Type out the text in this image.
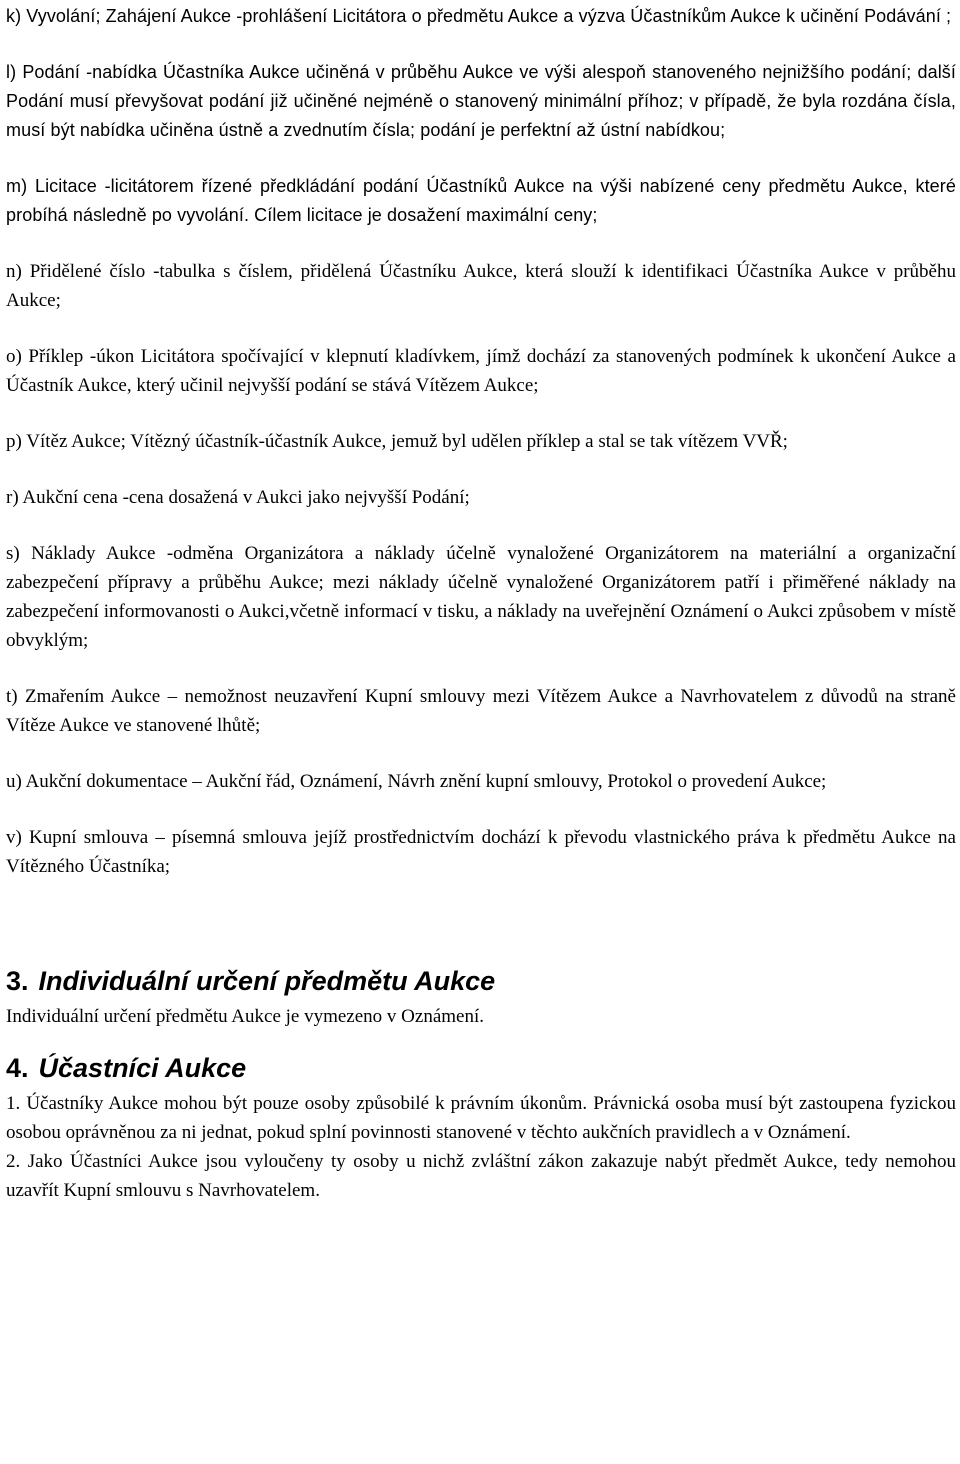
k) Vyvolání; Zahájení Aukce -prohlášení Licitátora o předmětu Aukce a výzva Účastníkům Aukce k učinění Podávání ;

l) Podání -nabídka Účastníka Aukce učiněná v průběhu Aukce ve výši alespoň stanoveného nejnižšího podání; další Podání musí převyšovat podání již učiněné nejméně o stanovený minimální příhoz; v případě, že byla rozdána čísla, musí být nabídka učiněna ústně a zvednutím čísla; podání je perfektní až ústní nabídkou;

m) Licitace -licitátorem řízené předkládání podání Účastníků Aukce na výši nabízené ceny předmětu Aukce, které probíhá následně po vyvolání. Cílem licitace je dosažení maximální ceny;

n) Přidělené číslo -tabulka s číslem, přidělená Účastníku Aukce, která slouží k identifikaci Účastníka Aukce v průběhu Aukce;

o) Příklep -úkon Licitátora spočívající v klepnutí kladívkem, jímž dochází za stanovených podmínek k ukončení Aukce a Účastník Aukce, který učinil nejvyšší podání se stává Vítězem Aukce;

p) Vítěz Aukce; Vítězný účastník-účastník Aukce, jemuž byl udělen příklep a stal se tak vítězem VVŘ;

r) Aukční cena -cena dosažená v Aukci jako nejvyšší Podání;

s) Náklady Aukce -odměna Organizátora a náklady účelně vynaložené Organizátorem na materiální a organizační zabezpečení přípravy a průběhu Aukce; mezi náklady účelně vynaložené Organizátorem patří i přiměřené náklady na zabezpečení informovanosti o Aukci,včetně informací v tisku, a náklady na uveřejnění Oznámení o Aukci způsobem v místě obvyklým;

t) Zmařením Aukce – nemožnost neuzavření Kupní smlouvy mezi Vítězem Aukce a Navrhovatelem z důvodů na straně Vítěze Aukce ve stanovené lhůtě;

u) Aukční dokumentace – Aukční řád, Oznámení, Návrh znění kupní smlouvy, Protokol o provedení Aukce;

v) Kupní smlouva – písemná smlouva jejíž prostřednictvím dochází k převodu vlastnického práva k předmětu Aukce na Vítězného Účastníka;

3. Individuální určení předmětu Aukce

Individuální určení předmětu Aukce je vymezeno v Oznámení.

4. Účastníci Aukce

1. Účastníky Aukce mohou být pouze osoby způsobilé k právním úkonům. Právnická osoba musí být zastoupena fyzickou osobou oprávněnou za ni jednat, pokud splní povinnosti stanovené v těchto aukčních pravidlech a v Oznámení.

2. Jako Účastníci Aukce jsou vyloučeny ty osoby u nichž zvláštní zákon zakazuje nabýt předmět Aukce, tedy nemohou uzavřít Kupní smlouvu s Navrhovatelem.
